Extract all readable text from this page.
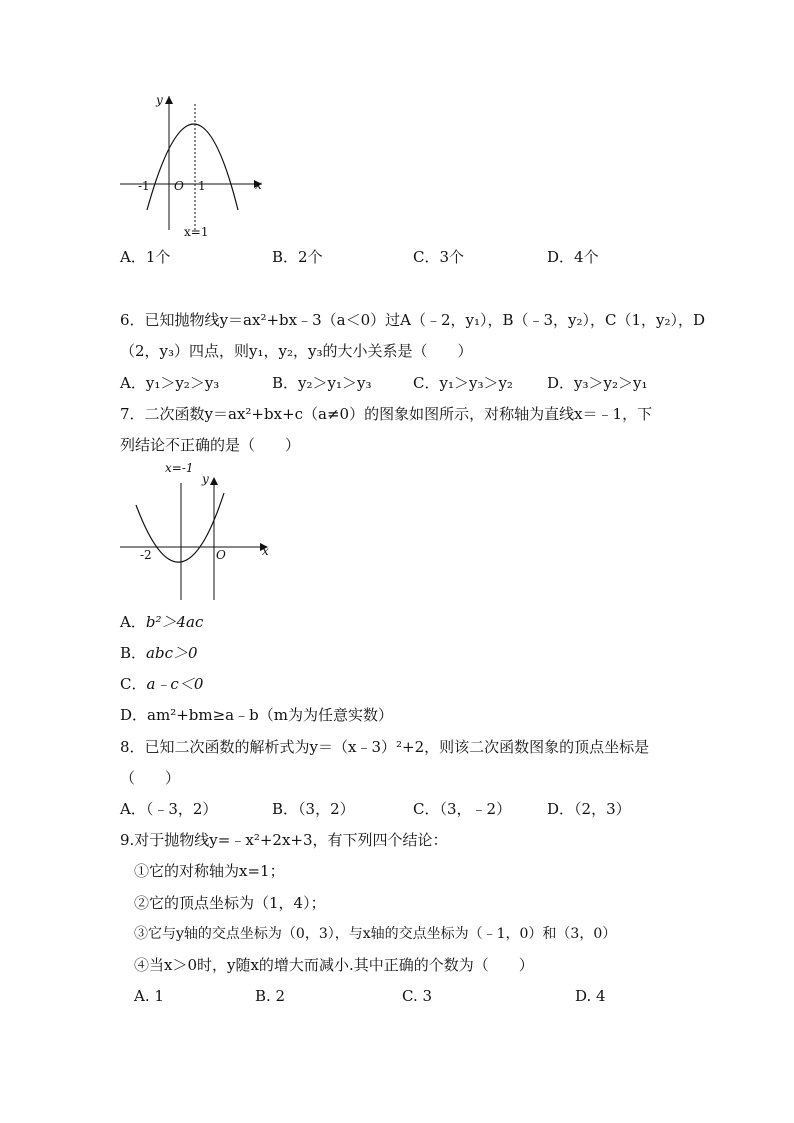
y
x
-1 O 1
x=1
A．1个	B．2个	C．3个	D．4个
6．已知抛物线y＝ax²+bx﹣3（a＜0）过A（﹣2，y₁），B（﹣3，y₂），C（1，y₂），D
（2，y₃）四点，则y₁，y₂，y₃的大小关系是（　　）
A．y₁＞y₂＞y₃	B．y₂＞y₁＞y₃	C．y₁＞y₃＞y₂ D．y₃＞y₂＞y₁
7．二次函数y＝ax²+bx+c（a≠0）的图象如图所示，对称轴为直线x＝﹣1，下
列结论不正确的是（　　）
x=-1
y
-2	O	x
A．b²＞4ac
B．abc＞0
C．a﹣c＜0
D．am²+bm≥a﹣b（m为为任意实数）
8．已知二次函数的解析式为y＝（x﹣3）²+2，则该二次函数图象的顶点坐标是
（　　）
A．（﹣3，2）	B．（3，2）	C．（3，﹣2） D．（2，3）
9.对于抛物线y=﹣x²+2x+3，有下列四个结论：
①它的对称轴为x=1；
②它的顶点坐标为（1，4）；
③它与y轴的交点坐标为（0，3），与x轴的交点坐标为（﹣1，0）和（3，0）
④当x＞0时，y随x的增大而减小.其中正确的个数为（　　）
A. 1	B. 2	C. 3	D. 4
